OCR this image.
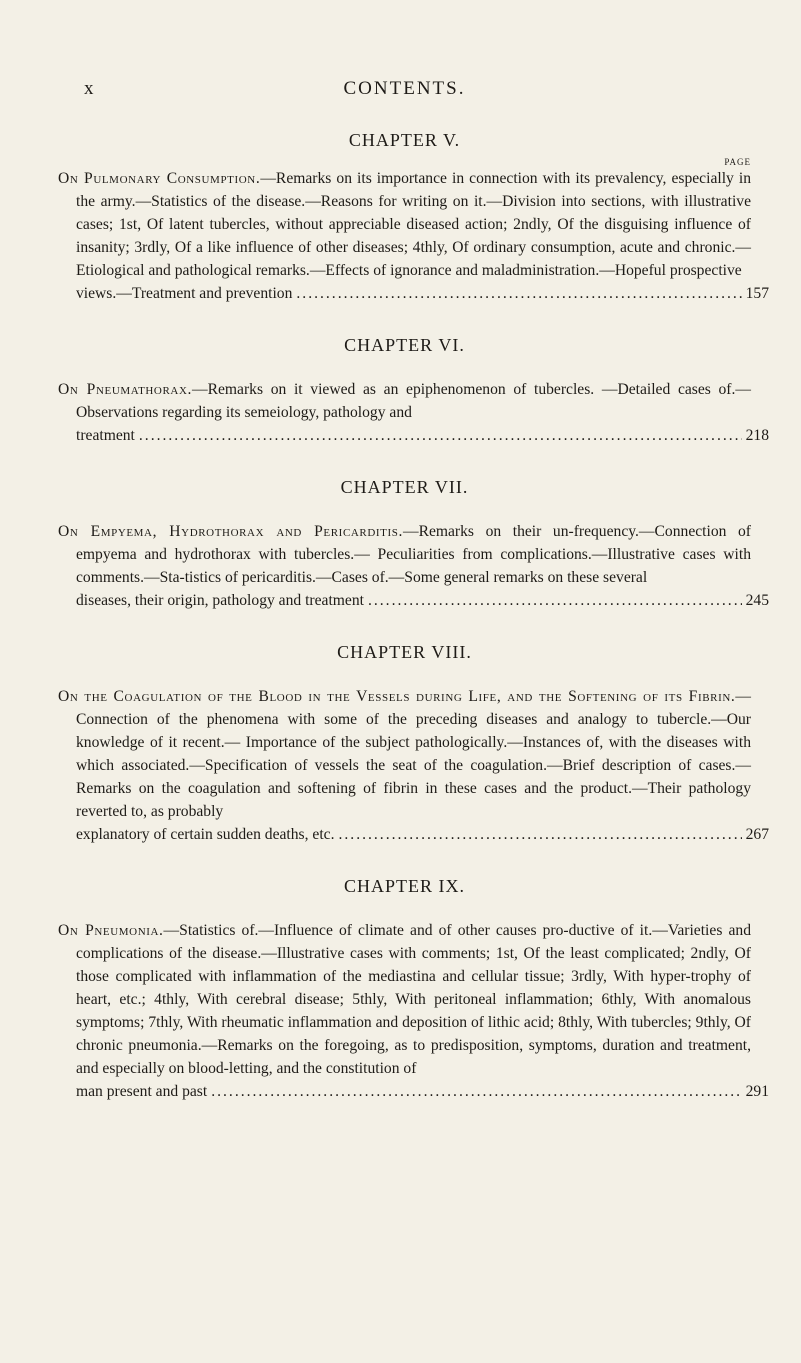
x	CONTENTS.

CHAPTER V.

PAGE

On Pulmonary Consumption.—Remarks on its importance in connection with its prevalency, especially in the army.—Statistics of the disease.—Reasons for writing on it.—Division into sections, with illustrative cases; 1st, Of latent tubercles, without appreciable diseased action; 2ndly, Of the disguising influence of insanity; 3rdly, Of a like influence of other diseases; 4thly, Of ordinary consumption, acute and chronic.—Etiological and pathological remarks.—Effects of ignorance and maladministration.—Hopeful prospective

views.—Treatment and prevention .....	157

CHAPTER VI.

On Pneumathorax.—Remarks on it viewed as an epiphenomenon of tubercles. —Detailed cases of.—Observations regarding its semeiology, pathology and

treatment .....	218

CHAPTER VII.

On Empyema, Hydrothorax and Pericarditis.—Remarks on their un-frequency.—Connection of empyema and hydrothorax with tubercles.— Peculiarities from complications.—Illustrative cases with comments.—Sta-tistics of pericarditis.—Cases of.—Some general remarks on these several

diseases, their origin, pathology and treatment .....	245

CHAPTER VIII.

On the Coagulation of the Blood in the Vessels during Life, and the Softening of its Fibrin.—Connection of the phenomena with some of the preceding diseases and analogy to tubercle.—Our knowledge of it recent.— Importance of the subject pathologically.—Instances of, with the diseases with which associated.—Specification of vessels the seat of the coagulation.—Brief description of cases.—Remarks on the coagulation and softening of fibrin in these cases and the product.—Their pathology reverted to, as probably

explanatory of certain sudden deaths, etc. .....	267

CHAPTER IX.

On Pneumonia.—Statistics of.—Influence of climate and of other causes pro-ductive of it.—Varieties and complications of the disease.—Illustrative cases with comments; 1st, Of the least complicated; 2ndly, Of those complicated with inflammation of the mediastina and cellular tissue; 3rdly, With hyper-trophy of heart, etc.; 4thly, With cerebral disease; 5thly, With peritoneal inflammation; 6thly, With anomalous symptoms; 7thly, With rheumatic inflammation and deposition of lithic acid; 8thly, With tubercles; 9thly, Of chronic pneumonia.—Remarks on the foregoing, as to predisposition, symptoms, duration and treatment, and especially on blood-letting, and the constitution of

man present and past .....	291
